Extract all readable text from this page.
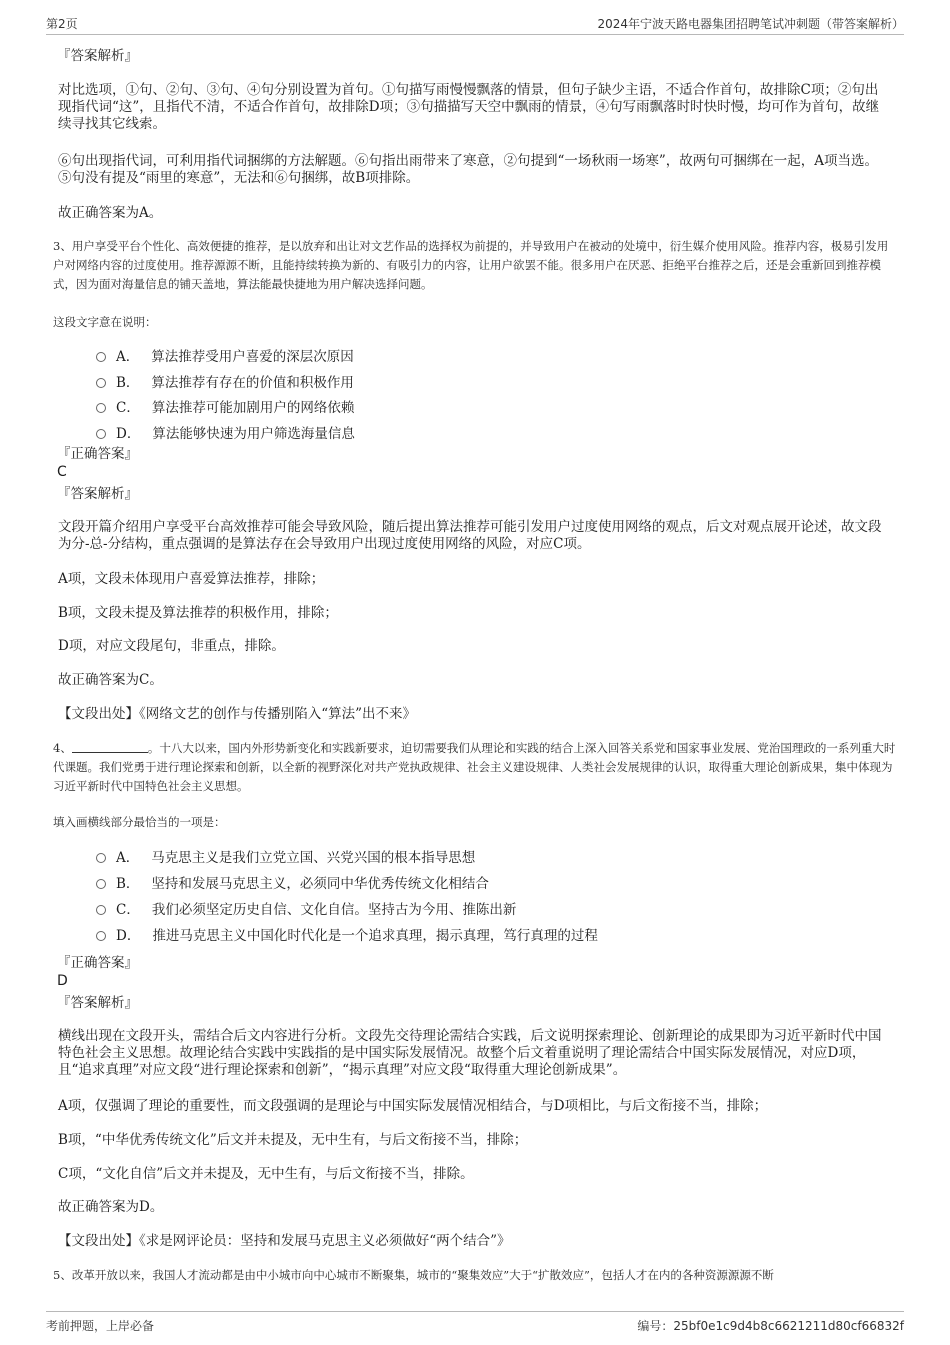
第2页	2024年宁波天路电器集团招聘笔试冲刺题（带答案解析）
『答案解析』
对比选项，①句、②句、③句、④句分别设置为首句。①句描写雨慢慢飘落的情景，但句子缺少主语，不适合作首句，故排除C项；②句出现指代词“这”，且指代不清，不适合作首句，故排除D项；③句描描写天空中飘雨的情景，④句写雨飘落时时快时慢，均可作为首句，故继续寻找其它线索。
⑥句出现指代词，可利用指代词捆绑的方法解题。⑥句指出雨带来了寒意，②句提到“一场秋雨一场寒”，故两句可捆绑在一起，A项当选。⑤句没有提及“雨里的寒意”，无法和⑥句捆绑，故B项排除。
故正确答案为A。
3、用户享受平台个性化、高效便捷的推荐，是以放弃和出让对文艺作品的选择权为前提的，并导致用户在被动的处境中，衍生媒介使用风险。推荐内容，极易引发用户对网络内容的过度使用。推荐源源不断，且能持续转换为新的、有吸引力的内容，让用户欲罢不能。很多用户在厌恶、拒绝平台推荐之后，还是会重新回到推荐模式，因为面对海量信息的铺天盖地，算法能最快捷地为用户解决选择问题。
这段文字意在说明：
A． 算法推荐受用户喜爱的深层次原因
B． 算法推荐有存在的价值和积极作用
C． 算法推荐可能加剧用户的网络依赖
D． 算法能够快速为用户筛选海量信息
『正确答案』
C
『答案解析』
文段开篇介绍用户享受平台高效推荐可能会导致风险，随后提出算法推荐可能引发用户过度使用网络的观点，后文对观点展开论述，故文段为分-总-分结构，重点强调的是算法存在会导致用户出现过度使用网络的风险，对应C项。
A项，文段未体现用户喜爱算法推荐，排除；
B项，文段未提及算法推荐的积极作用，排除；
D项，对应文段尾句，非重点，排除。
故正确答案为C。
【文段出处】《网络文艺的创作与传播别陷入“算法”出不来》
4、	。十八大以来，国内外形势新变化和实践新要求，迫切需要我们从理论和实践的结合上深入回答关系党和国家事业发展、党治国理政的一系列重大时代课题。我们党勇于进行理论探索和创新，以全新的视野深化对共产党执政规律、社会主义建设规律、人类社会发展规律的认识，取得重大理论创新成果，集中体现为习近平新时代中国特色社会主义思想。
填入画横线部分最恰当的一项是：
A． 马克思主义是我们立党立国、兴党兴国的根本指导思想
B． 坚持和发展马克思主义，必须同中华优秀传统文化相结合
C． 我们必须坚定历史自信、文化自信。坚持古为今用、推陈出新
D． 推进马克思主义中国化时代化是一个追求真理，揭示真理，笃行真理的过程
『正确答案』
D
『答案解析』
横线出现在文段开头，需结合后文内容进行分析。文段先交待理论需结合实践，后文说明探索理论、创新理论的成果即为习近平新时代中国特色社会主义思想。故理论结合实践中实践指的是中国实际发展情况。故整个后文着重说明了理论需结合中国实际发展情况，对应D项，且“追求真理”对应文段“进行理论探索和创新”，“揭示真理”对应文段“取得重大理论创新成果”。
A项，仅强调了理论的重要性，而文段强调的是理论与中国实际发展情况相结合，与D项相比，与后文衔接不当，排除；
B项，“中华优秀传统文化”后文并未提及，无中生有，与后文衔接不当，排除；
C项，“文化自信”后文并未提及，无中生有，与后文衔接不当，排除。
故正确答案为D。
【文段出处】《求是网评论员：坚持和发展马克思主义必须做好“两个结合”》
5、改革开放以来，我国人才流动都是由中小城市向中心城市不断聚集，城市的“聚集效应”大于“扩散效应”，包括人才在内的各种资源源源不断
考前押题，上岸必备	编号：25bf0e1c9d4b8c6621211d80cf66832f
